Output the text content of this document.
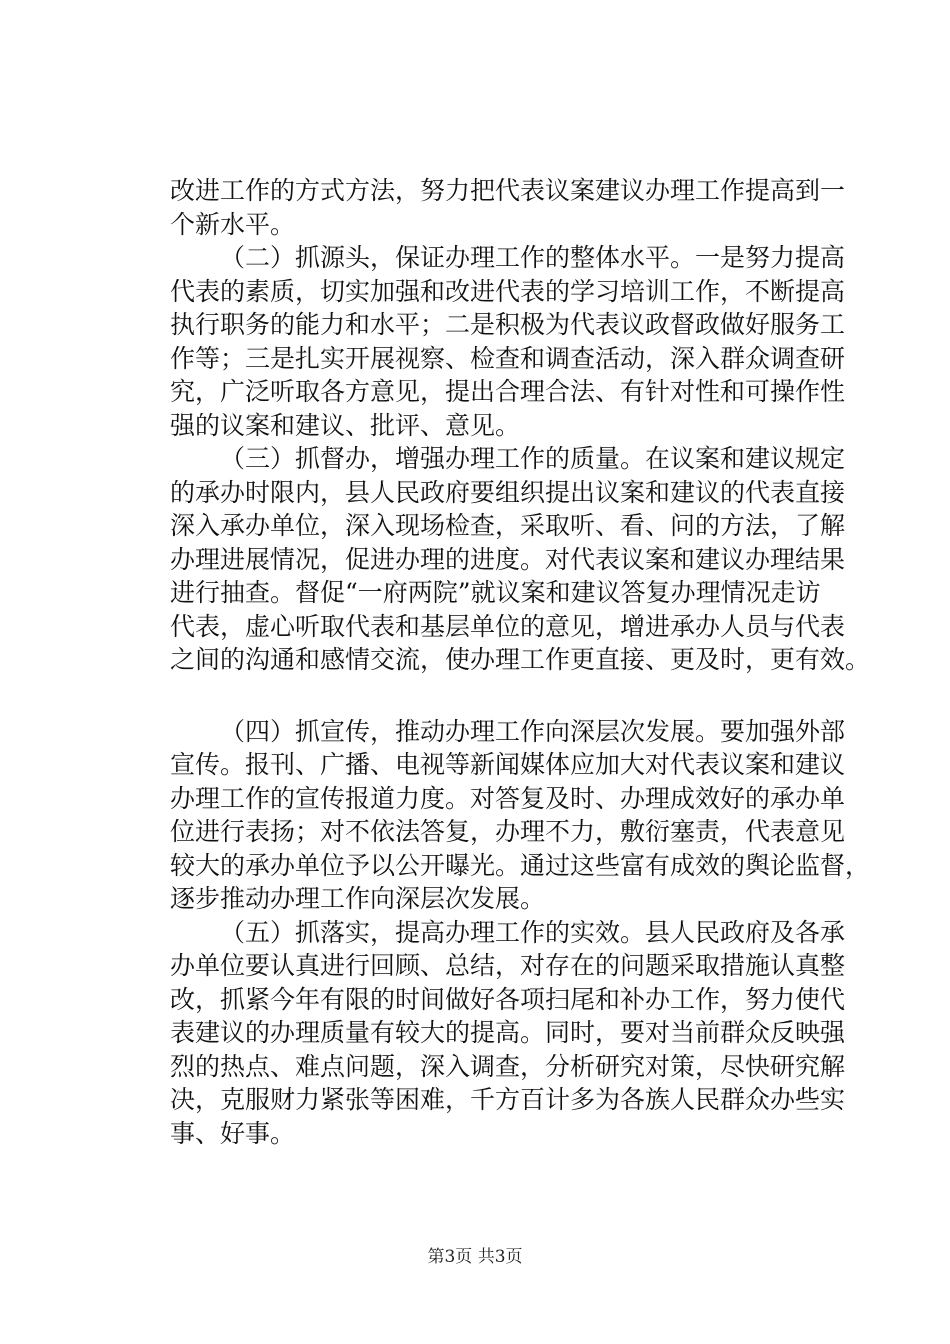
改进工作的方式方法，努力把代表议案建议办理工作提高到一
个新水平。
（二）抓源头，保证办理工作的整体水平。一是努力提高
代表的素质，切实加强和改进代表的学习培训工作，不断提高
执行职务的能力和水平；二是积极为代表议政督政做好服务工
作等；三是扎实开展视察、检查和调查活动，深入群众调查研
究，广泛听取各方意见，提出合理合法、有针对性和可操作性
强的议案和建议、批评、意见。
（三）抓督办，增强办理工作的质量。在议案和建议规定
的承办时限内，县人民政府要组织提出议案和建议的代表直接
深入承办单位，深入现场检查，采取听、看、问的方法，了解
办理进展情况，促进办理的进度。对代表议案和建议办理结果
进行抽查。督促“一府两院”就议案和建议答复办理情况走访
代表，虚心听取代表和基层单位的意见，增进承办人员与代表
之间的沟通和感情交流，使办理工作更直接、更及时，更有效。
（四）抓宣传，推动办理工作向深层次发展。要加强外部
宣传。报刊、广播、电视等新闻媒体应加大对代表议案和建议
办理工作的宣传报道力度。对答复及时、办理成效好的承办单
位进行表扬；对不依法答复，办理不力，敷衍塞责，代表意见
较大的承办单位予以公开曝光。通过这些富有成效的舆论监督，
逐步推动办理工作向深层次发展。
（五）抓落实，提高办理工作的实效。县人民政府及各承
办单位要认真进行回顾、总结，对存在的问题采取措施认真整
改，抓紧今年有限的时间做好各项扫尾和补办工作，努力使代
表建议的办理质量有较大的提高。同时，要对当前群众反映强
烈的热点、难点问题，深入调查，分析研究对策，尽快研究解
决，克服财力紧张等困难，千方百计多为各族人民群众办些实
事、好事。
第3页 共3页
